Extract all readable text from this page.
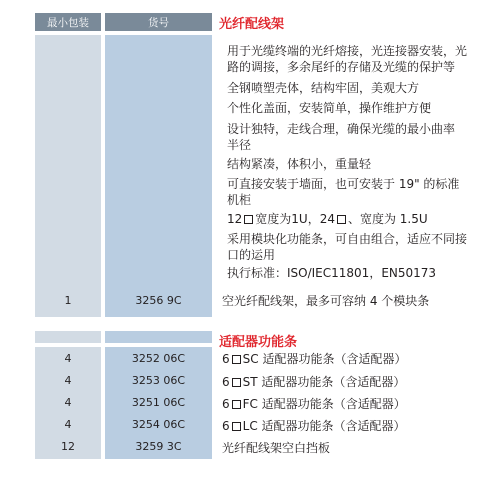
最小包装	货号	光纤配线架
用于光缆终端的光纤熔接，光连接器安装，光
路的调接，多余尾纤的存储及光缆的保护等
全钢喷塑壳体，结构牢固，美观大方
个性化盖面，安装简单，操作维护方便
设计独特，走线合理，确保光缆的最小曲率
半径
结构紧凑，体积小，重量轻
可直接安装于墙面，也可安装于 19" 的标准
机柜
12 宽度为1U，24 、宽度为 1.5U
采用模块化功能条，可自由组合，适应不同接
口的运用
执行标准：ISO/IEC11801，EN50173
1	3256 9C	空光纤配线架，最多可容纳 4 个模块条
适配器功能条
4	3252 06C	6 SC 适配器功能条（含适配器）
4	3253 06C	6 ST 适配器功能条（含适配器）
4	3251 06C	6 FC 适配器功能条（含适配器）
4	3254 06C	6 LC 适配器功能条（含适配器）
12	3259 3C	光纤配线架空白挡板
